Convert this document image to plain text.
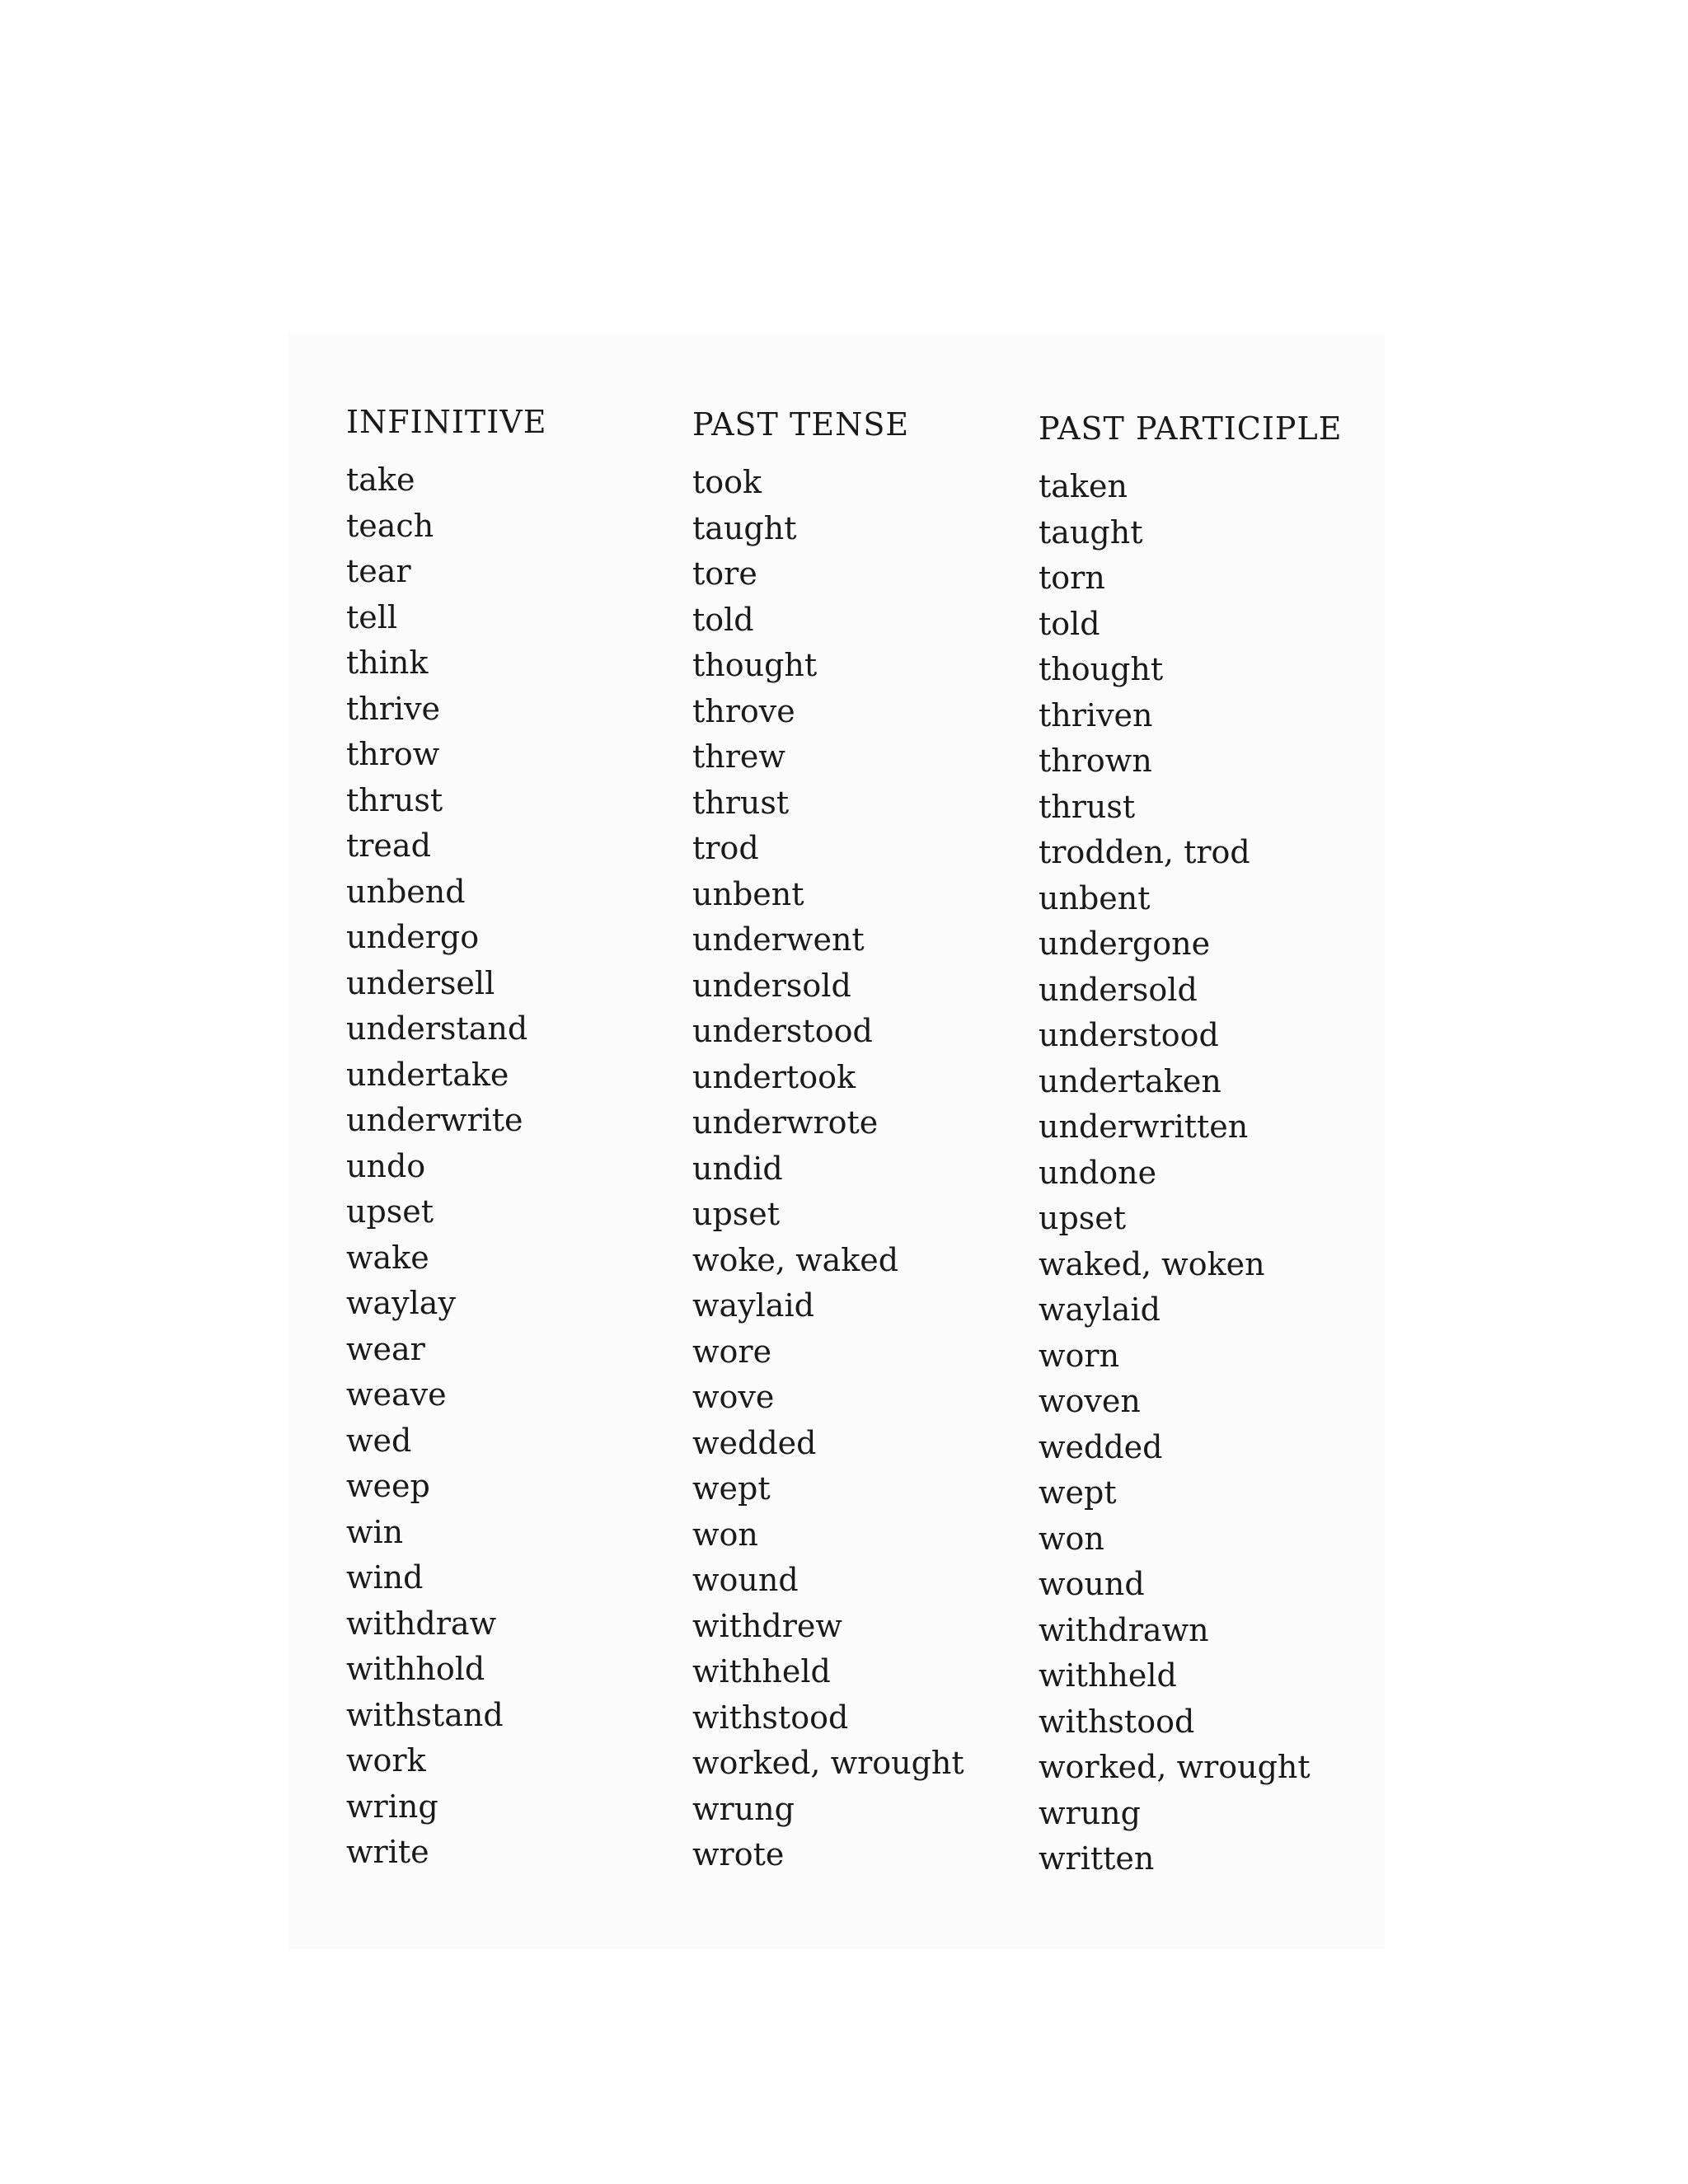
INFINITIVE
take
teach
tear
tell
think
thrive
throw
thrust
tread
unbend
undergo
undersell
understand
undertake
underwrite
undo
upset
wake
waylay
wear
weave
wed
weep
win
wind
withdraw
withhold
withstand
work
wring
write
PAST TENSE
took
taught
tore
told
thought
throve
threw
thrust
trod
unbent
underwent
undersold
understood
undertook
underwrote
undid
upset
woke, waked
waylaid
wore
wove
wedded
wept
won
wound
withdrew
withheld
withstood
worked, wrought
wrung
wrote
PAST PARTICIPLE
taken
taught
torn
told
thought
thriven
thrown
thrust
trodden, trod
unbent
undergone
undersold
understood
undertaken
underwritten
undone
upset
waked, woken
waylaid
worn
woven
wedded
wept
won
wound
withdrawn
withheld
withstood
worked, wrought
wrung
written
